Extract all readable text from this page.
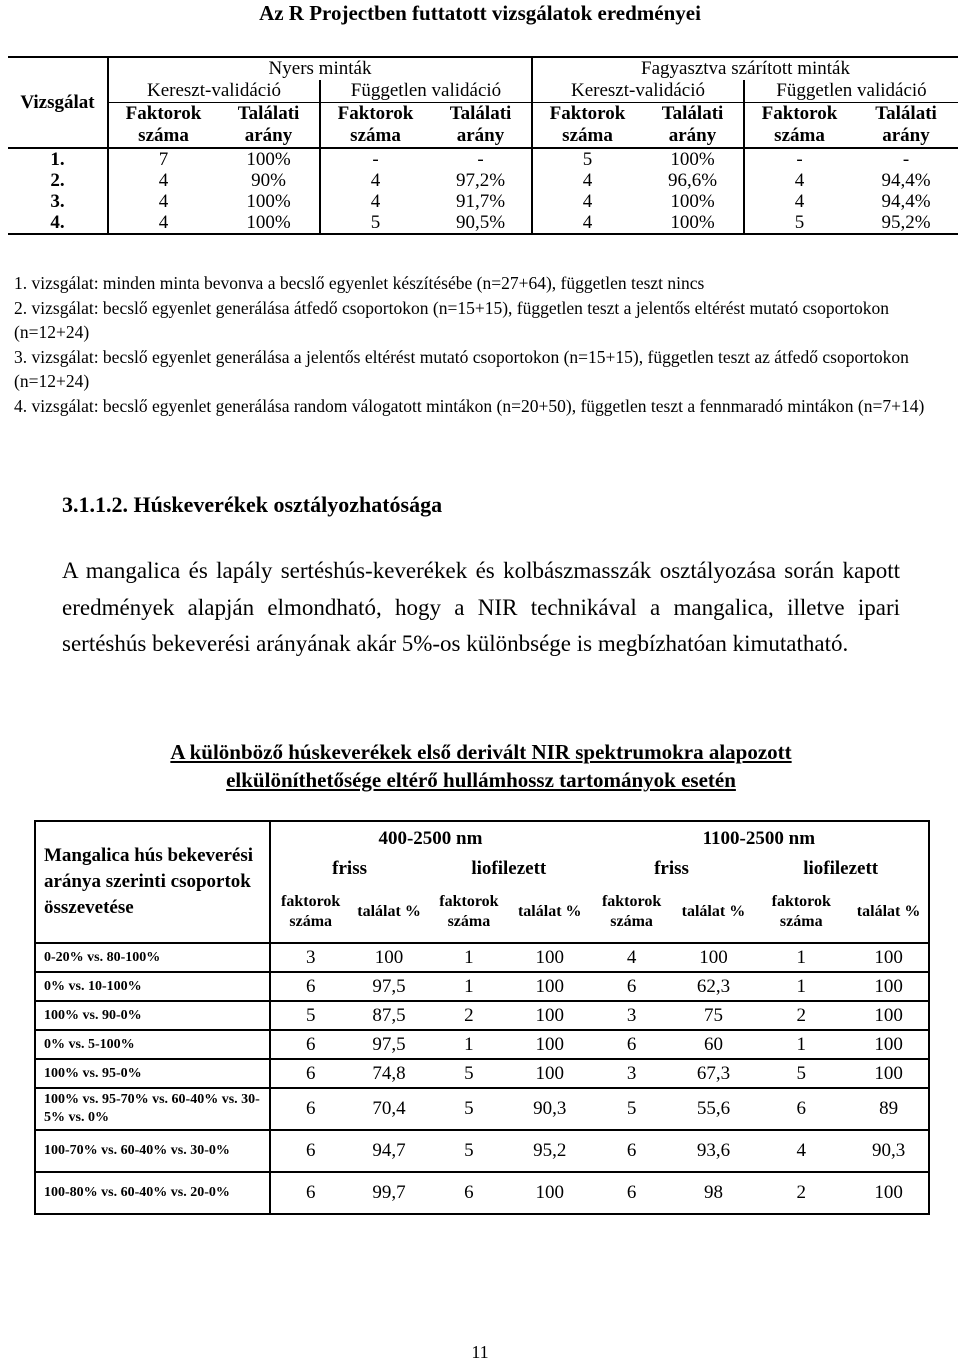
Az R Projectben futtatott vizsgálatok eredményei
Vizsgálat	Nyers minták				Fagyasztva szárított minták			
	Kereszt-validáció		Független validáció		Kereszt-validáció		Független validáció	
	Faktorok száma	Találati arány	Faktorok száma	Találati arány	Faktorok száma	Találati arány	Faktorok száma	Találati arány

1.	7	100%	-	-	5	100%	-	-
2.	4	90%	4	97,2%	4	96,6%	4	94,4%
3.	4	100%	4	91,7%	4	100%	4	94,4%
4.	4	100%	5	90,5%	4	100%	5	95,2%

1. vizsgálat: minden minta bevonva a becslő egyenlet készítésébe (n=27+64), független teszt nincs

2. vizsgálat: becslő egyenlet generálása átfedő csoportokon (n=15+15), független teszt a jelentős eltérést mutató csoportokon (n=12+24)

3. vizsgálat: becslő egyenlet generálása a jelentős eltérést mutató csoportokon (n=15+15), független teszt az átfedő csoportokon (n=12+24)

4. vizsgálat: becslő egyenlet generálása random válogatott mintákon (n=20+50), független teszt a fennmaradó mintákon (n=7+14)

3.1.1.2. Húskeverékek osztályozhatósága
A mangalica és lapály sertéshús-keverékek és kolbászmasszák osztályozása során kapott eredmények alapján elmondható, hogy a NIR technikával a mangalica, illetve ipari sertéshús bekeverési arányának akár 5%-os különbsége is megbízhatóan kimutatható.
A különböző húskeverékek első derivált NIR spektrumokra alapozott
elkülöníthetősége eltérő hullámhossz tartományok esetén
Mangalica hús bekeverési aránya szerinti csoportok összevetése	400-2500 nm				1100-2500 nm			
	friss		liofilezett		friss		liofilezett	
	faktorok száma	találat %	faktorok száma	találat %	faktorok száma	találat %	faktorok száma	találat %
0-20% vs. 80-100%	3	100	1	100	4	100	1	100
0% vs. 10-100%	6	97,5	1	100	6	62,3	1	100
100% vs. 90-0%	5	87,5	2	100	3	75	2	100
0% vs. 5-100%	6	97,5	1	100	6	60	1	100
100% vs. 95-0%	6	74,8	5	100	3	67,3	5	100
100% vs. 95-70% vs. 60-40% vs. 30-5% vs. 0%	6	70,4	5	90,3	5	55,6	6	89
100-70% vs. 60-40% vs. 30-0%	6	94,7	5	95,2	6	93,6	4	90,3
100-80% vs. 60-40% vs. 20-0%	6	99,7	6	100	6	98	2	100
11
